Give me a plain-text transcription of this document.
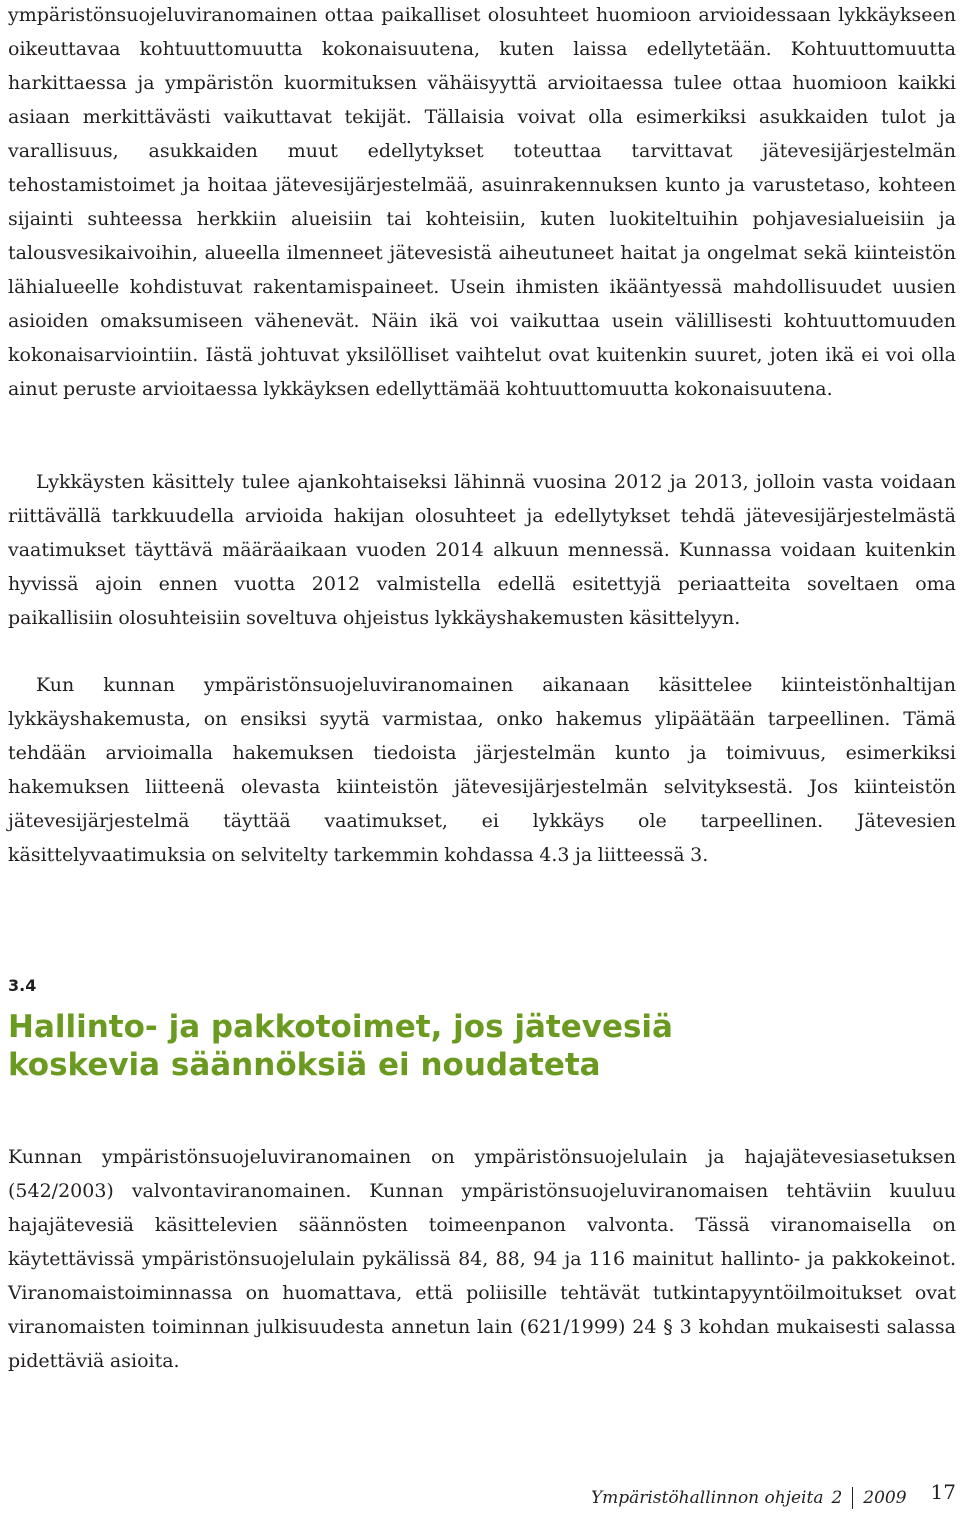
ympäristönsuojeluviranomainen ottaa paikalliset olosuhteet huomioon arvioidessaan lykkäykseen oikeuttavaa kohtuuttomuutta kokonaisuutena, kuten laissa edellytetään. Kohtuuttomuutta harkittaessa ja ympäristön kuormituksen vähäisyyttä arvioitaessa tulee ottaa huomioon kaikki asiaan merkittävästi vaikuttavat tekijät. Tällaisia voivat olla esimerkiksi asukkaiden tulot ja varallisuus, asukkaiden muut edellytykset toteuttaa tarvittavat jätevesijärjestelmän tehostamistoimet ja hoitaa jätevesijärjestelmää, asuinrakennuksen kunto ja varustetaso, kohteen sijainti suhteessa herkkiin alueisiin tai kohteisiin, kuten luokiteltuihin pohjavesialueisiin ja talousvesikaivoihin, alueella ilmenneet jätevesistä aiheutuneet haitat ja ongelmat sekä kiinteistön lähialueelle kohdistuvat rakentamispaineet. Usein ihmisten ikääntyessä mahdollisuudet uusien asioiden omaksumiseen vähenevät. Näin ikä voi vaikuttaa usein välillisesti kohtuuttomuuden kokonaisarviointiin. Iästä johtuvat yksilölliset vaihtelut ovat kuitenkin suuret, joten ikä ei voi olla ainut peruste arvioitaessa lykkäyksen edellyttämää kohtuuttomuutta kokonaisuutena.

Lykkäysten käsittely tulee ajankohtaiseksi lähinnä vuosina 2012 ja 2013, jolloin vasta voidaan riittävällä tarkkuudella arvioida hakijan olosuhteet ja edellytykset tehdä jätevesijärjestelmästä vaatimukset täyttävä määräaikaan vuoden 2014 alkuun mennessä. Kunnassa voidaan kuitenkin hyvissä ajoin ennen vuotta 2012 valmistella edellä esitettyjä periaatteita soveltaen oma paikallisiin olosuhteisiin soveltuva ohjeistus lykkäyshakemusten käsittelyyn.

Kun kunnan ympäristönsuojeluviranomainen aikanaan käsittelee kiinteistönhaltijan lykkäyshakemusta, on ensiksi syytä varmistaa, onko hakemus ylipäätään tarpeellinen. Tämä tehdään arvioimalla hakemuksen tiedoista järjestelmän kunto ja toimivuus, esimerkiksi hakemuksen liitteenä olevasta kiinteistön jätevesijärjestelmän selvityksestä. Jos kiinteistön jätevesijärjestelmä täyttää vaatimukset, ei lykkäys ole tarpeellinen. Jätevesien käsittelyvaatimuksia on selvitelty tarkemmin kohdassa 4.3 ja liitteessä 3.

3.4
Hallinto- ja pakkotoimet, jos jätevesiä koskevia säännöksiä ei noudateta

Kunnan ympäristönsuojeluviranomainen on ympäristönsuojelulain ja hajajätevesiasetuksen (542/2003) valvontaviranomainen. Kunnan ympäristönsuojeluviranomaisen tehtäviin kuuluu hajajätevesiä käsittelevien säännösten toimeenpanon valvonta. Tässä viranomaisella on käytettävissä ympäristönsuojelulain pykälissä 84, 88, 94 ja 116 mainitut hallinto- ja pakkokeinot. Viranomaistoiminnassa on huomattava, että poliisille tehtävät tutkintapyyntöilmoitukset ovat viranomaisten toiminnan julkisuudesta annetun lain (621/1999) 24 § 3 kohdan mukaisesti salassa pidettäviä asioita.

Ympäristöhallinnon ohjeita 2 2009 17
